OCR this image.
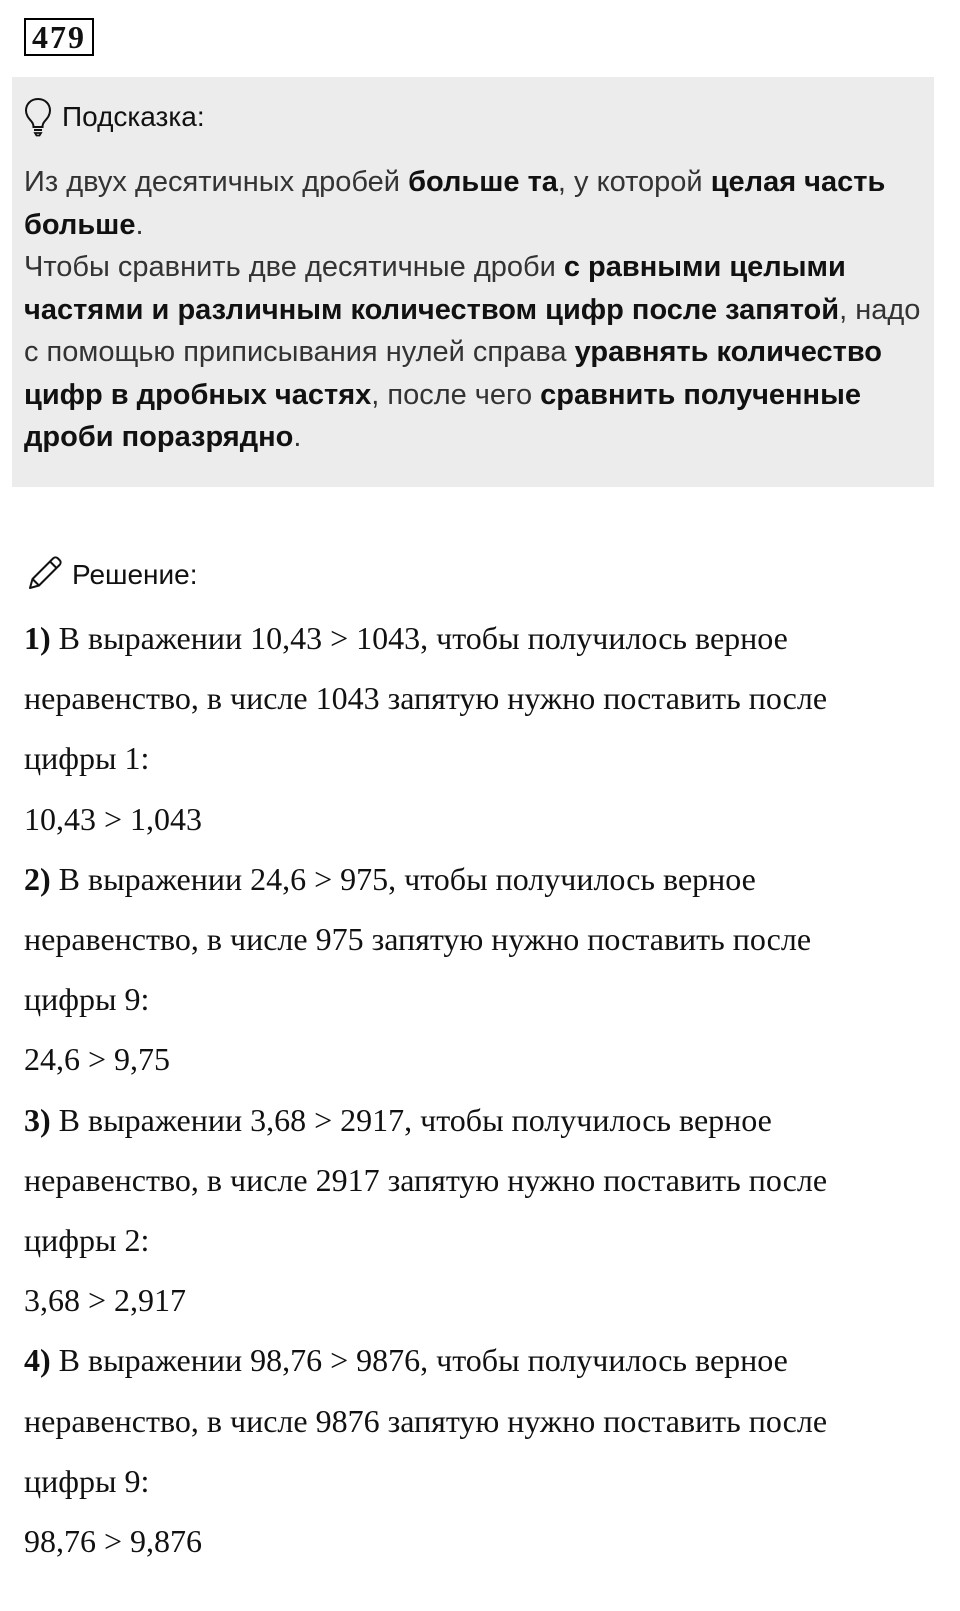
479
Подсказка:
Из двух десятичных дробей больше та, у которой целая часть больше.
Чтобы сравнить две десятичные дроби с равными целыми частями и различным количеством цифр после запятой, надо с помощью приписывания нулей справа уравнять количество цифр в дробных частях, после чего сравнить полученные дроби поразрядно.
Решение:

1) В выражении 10,43 > 1043, чтобы получилось верное

неравенство, в числе 1043 запятую нужно поставить после

цифры 1:

10,43 > 1,043

2) В выражении 24,6 > 975, чтобы получилось верное

неравенство, в числе 975 запятую нужно поставить после

цифры 9:

24,6 > 9,75

3) В выражении 3,68 > 2917, чтобы получилось верное

неравенство, в числе 2917 запятую нужно поставить после

цифры 2:

3,68 > 2,917

4) В выражении 98,76 > 9876, чтобы получилось верное

неравенство, в числе 9876 запятую нужно поставить после

цифры 9:

98,76 > 9,876
